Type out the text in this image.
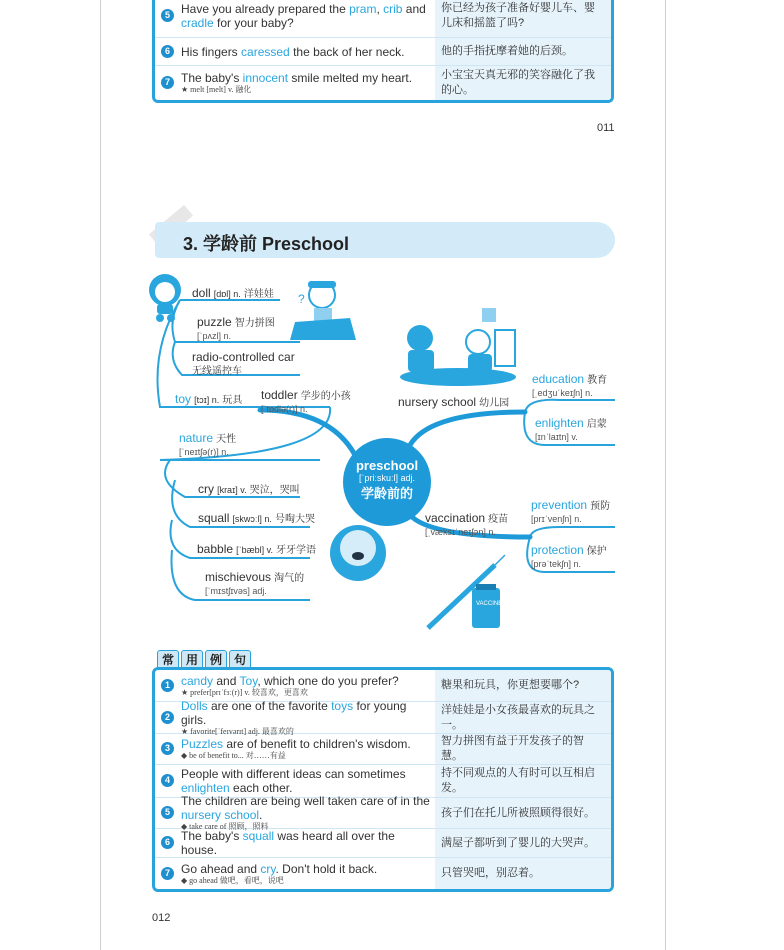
5 Have you already prepared the pram, crib and cradle for your baby?
你已经为孩子准备好婴儿车、婴儿床和摇篮了吗?
6 His fingers caressed the back of her neck.	他的手指抚摩着她的后颈。
7 The baby's innocent smile melted my heart.
★ melt [melt] v. 融化
小宝宝天真无邪的笑容融化了我的心。
011
3. 学龄前 Preschool
?
VACCINE
doll [dɒl] n. 洋娃娃
puzzle 智力拼图
[ˈpʌzl] n.
radio-controlled car
无线遥控车
toy [tɔɪ] n. 玩具 toddler 学步的小孩
[ˈtɒdlə(r)] n.
nature 天性
[ˈneɪtʃə(r)] n.
cry [kraɪ] v. 哭泣，哭叫
squall [skwɔːl] n. 号啕大哭
babble [ˈbæbl] v. 牙牙学语
mischievous 淘气的
[ˈmɪstʃɪvəs] adj.
preschool
[ˈpriːskuːl] adj.
学龄前的
nursery school 幼儿园
education 教育
[ˌedʒuˈkeɪʃn] n.
enlighten 启蒙
[ɪnˈlaɪtn] v.
vaccination 疫苗
[ˌvæksɪˈneɪʃən] n.
prevention 预防
[prɪˈvenʃn] n.
protection 保护
[prəˈtekʃn] n.
常 用 例 句
1 candy and Toy, which one do you prefer?
★ prefer[prɪˈfɜː(r)] v. 较喜欢，更喜欢
糖果和玩具，你更想要哪个?
2
Dolls are one of the favorite toys for young girls.
★ favorite[ˈfeɪvərɪt] adj. 最喜欢的
洋娃娃是小女孩最喜欢的玩具之一。
3 Puzzles are of benefit to children's wisdom.
◆ be of benefit to... 对……有益
智力拼图有益于开发孩子的智慧。
4 People with different ideas can sometimes enlighten each other.
持不同观点的人有时可以互相启发。
5
The children are being well taken care of in the nursery school.
◆ take care of 照顾，照料
孩子们在托儿所被照顾得很好。
6 The baby's squall was heard all over the house.
满屋子都听到了婴儿的大哭声。
7 Go ahead and cry. Don't hold it back.
◆ go ahead 做吧，看吧，说吧
只管哭吧，别忍着。
012
